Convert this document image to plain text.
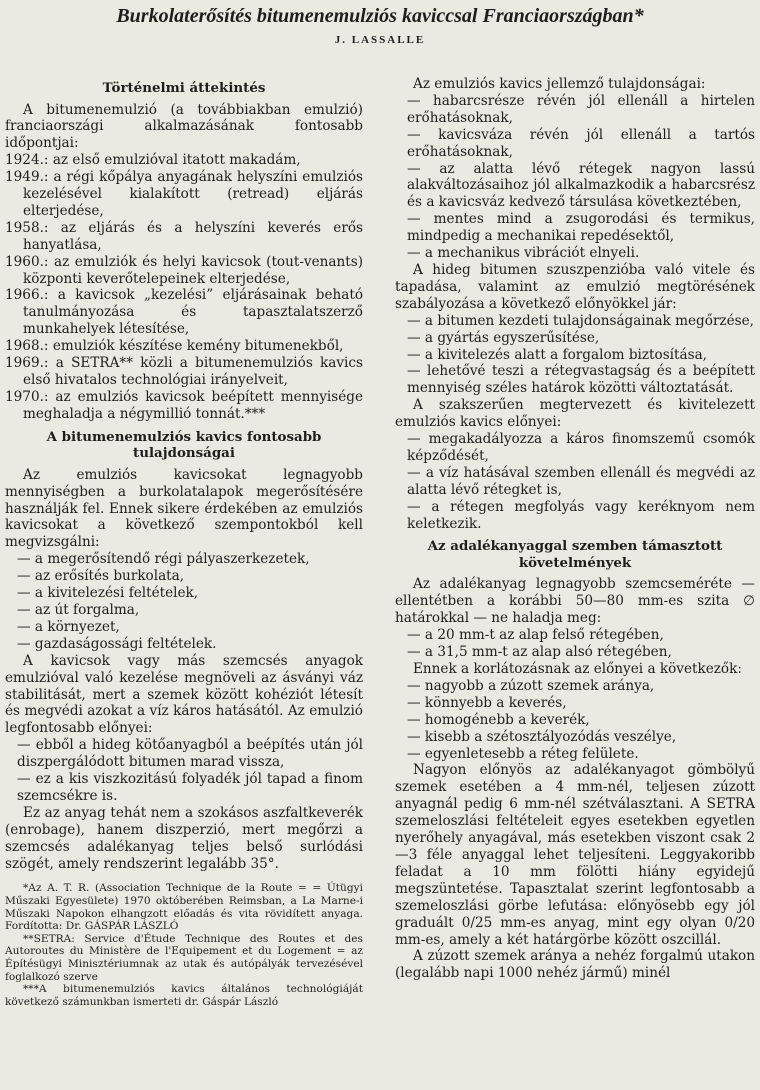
Burkolaterősítés bitumenemulziós kaviccsal Franciaországban*
J. LASSALLE
Történelmi áttekintés

A bitumenemulzió (a továbbiakban emulzió) franciaországi alkalmazásának fontosabb időpontjai:

1924.: az első emulzióval itatott makadám,

1949.: a régi kőpálya anyagának helyszíni emulziós kezelésével kialakított (retread) eljárás elterjedése,

1958.: az eljárás és a helyszíni keverés erős hanyatlása,

1960.: az emulziók és helyi kavicsok (tout-venants) központi keverőtelepeinek elterjedése,

1966.: a kavicsok „kezelési” eljárásainak beható tanulmányozása és tapasztalatszerző munkahelyek létesítése,

1968.: emulziók készítése kemény bitumenekből,

1969.: a SETRA** közli a bitumenemulziós kavics első hivatalos technológiai irányelveit,

1970.: az emulziós kavicsok beépített mennyisége meghaladja a négymillió tonnát.***

A bitumenemulziós kavics fontosabb tulajdonságai

Az emulziós kavicsokat legnagyobb mennyiségben a burkolatalapok megerősítésére használják fel. Ennek sikere érdekében az emulziós kavicsokat a következő szempontokból kell megvizsgálni:

— a megerősítendő régi pályaszerkezetek,

— az erősítés burkolata,

— a kivitelezési feltételek,

— az út forgalma,

— a környezet,

— gazdaságossági feltételek.

A kavicsok vagy más szemcsés anyagok emulzióval való kezelése megnöveli az ásványi váz stabilitását, mert a szemek között kohéziót létesít és megvédi azokat a víz káros hatásától. Az emulzió legfontosabb előnyei:

— ebből a hideg kötőanyagból a beépítés után jól diszpergálódott bitumen marad vissza,

— ez a kis viszkozitású folyadék jól tapad a finom szemcsékre is.

Ez az anyag tehát nem a szokásos aszfaltkeverék (enrobage), hanem diszperzió, mert megőrzi a szemcsés adalékanyag teljes belső surlódási szögét, amely rendszerint legalább 35°.

*Az A. T. R. (Association Technique de la Route = = Útügyi Műszaki Egyesülete) 1970 októberében Reimsban, a La Marne-i Műszaki Napokon elhangzott előadás és vita rövidített anyaga. Fordította: Dr. GÁSPÁR LÁSZLÓ

**SETRA: Service d'Étude Technique des Routes et des Autoroutes du Ministère de l'Equipement et du Logement = az Építésügyi Minisztériumnak az utak és autópályák tervezésével foglalkozó szerve

***A bitumenemulziós kavics általános technológiáját következő számunkban ismerteti dr. Gáspár László

Az emulziós kavics jellemző tulajdonságai:

— habarcsrésze révén jól ellenáll a hirtelen erőhatásoknak,

— kavicsváza révén jól ellenáll a tartós erőhatásoknak,

— az alatta lévő rétegek nagyon lassú alakváltozásaihoz jól alkalmazkodik a habarcsrész és a kavicsváz kedvező társulása következtében,

— mentes mind a zsugorodási és termikus, mindpedig a mechanikai repedésektől,

— a mechanikus vibrációt elnyeli.

A hideg bitumen szuszpenzióba való vitele és tapadása, valamint az emulzió megtörésének szabályozása a következő előnyökkel jár:

— a bitumen kezdeti tulajdonságainak megőrzése,

— a gyártás egyszerűsítése,

— a kivitelezés alatt a forgalom biztosítása,

— lehetővé teszi a rétegvastagság és a beépített mennyiség széles határok közötti változtatását.

A szakszerűen megtervezett és kivitelezett emulziós kavics előnyei:

— megakadályozza a káros finomszemű csomók képződését,

— a víz hatásával szemben ellenáll és megvédi az alatta lévő rétegket is,

— a rétegen megfolyás vagy keréknyom nem keletkezik.

Az adalékanyaggal szemben támasztott követelmények

Az adalékanyag legnagyobb szemcseméréte — ellentétben a korábbi 50—80 mm-es szita ∅ határokkal — ne haladja meg:

— a 20 mm-t az alap felső rétegében,

— a 31,5 mm-t az alap alsó rétegében,

Ennek a korlátozásnak az előnyei a következők:

— nagyobb a zúzott szemek aránya,

— könnyebb a keverés,

— homogénebb a keverék,

— kisebb a szétosztályozódás veszélye,

— egyenletesebb a réteg felülete.

Nagyon előnyös az adalékanyagot gömbölyű szemek esetében a 4 mm-nél, teljesen zúzott anyagnál pedig 6 mm-nél szétválasztani. A SETRA szemeloszlási feltételeit egyes esetekben egyetlen nyerőhely anyagával, más esetekben viszont csak 2—3 féle anyaggal lehet teljesíteni. Leggyakoribb feladat a 10 mm fölötti hiány egyidejű megszüntetése. Tapasztalat szerint legfontosabb a szemeloszlási görbe lefutása: előnyösebb egy jól graduált 0/25 mm-es anyag, mint egy olyan 0/20 mm-es, amely a két határgörbe között oszcillál.

A zúzott szemek aránya a nehéz forgalmú utakon (legalább napi 1000 nehéz jármű) minél
